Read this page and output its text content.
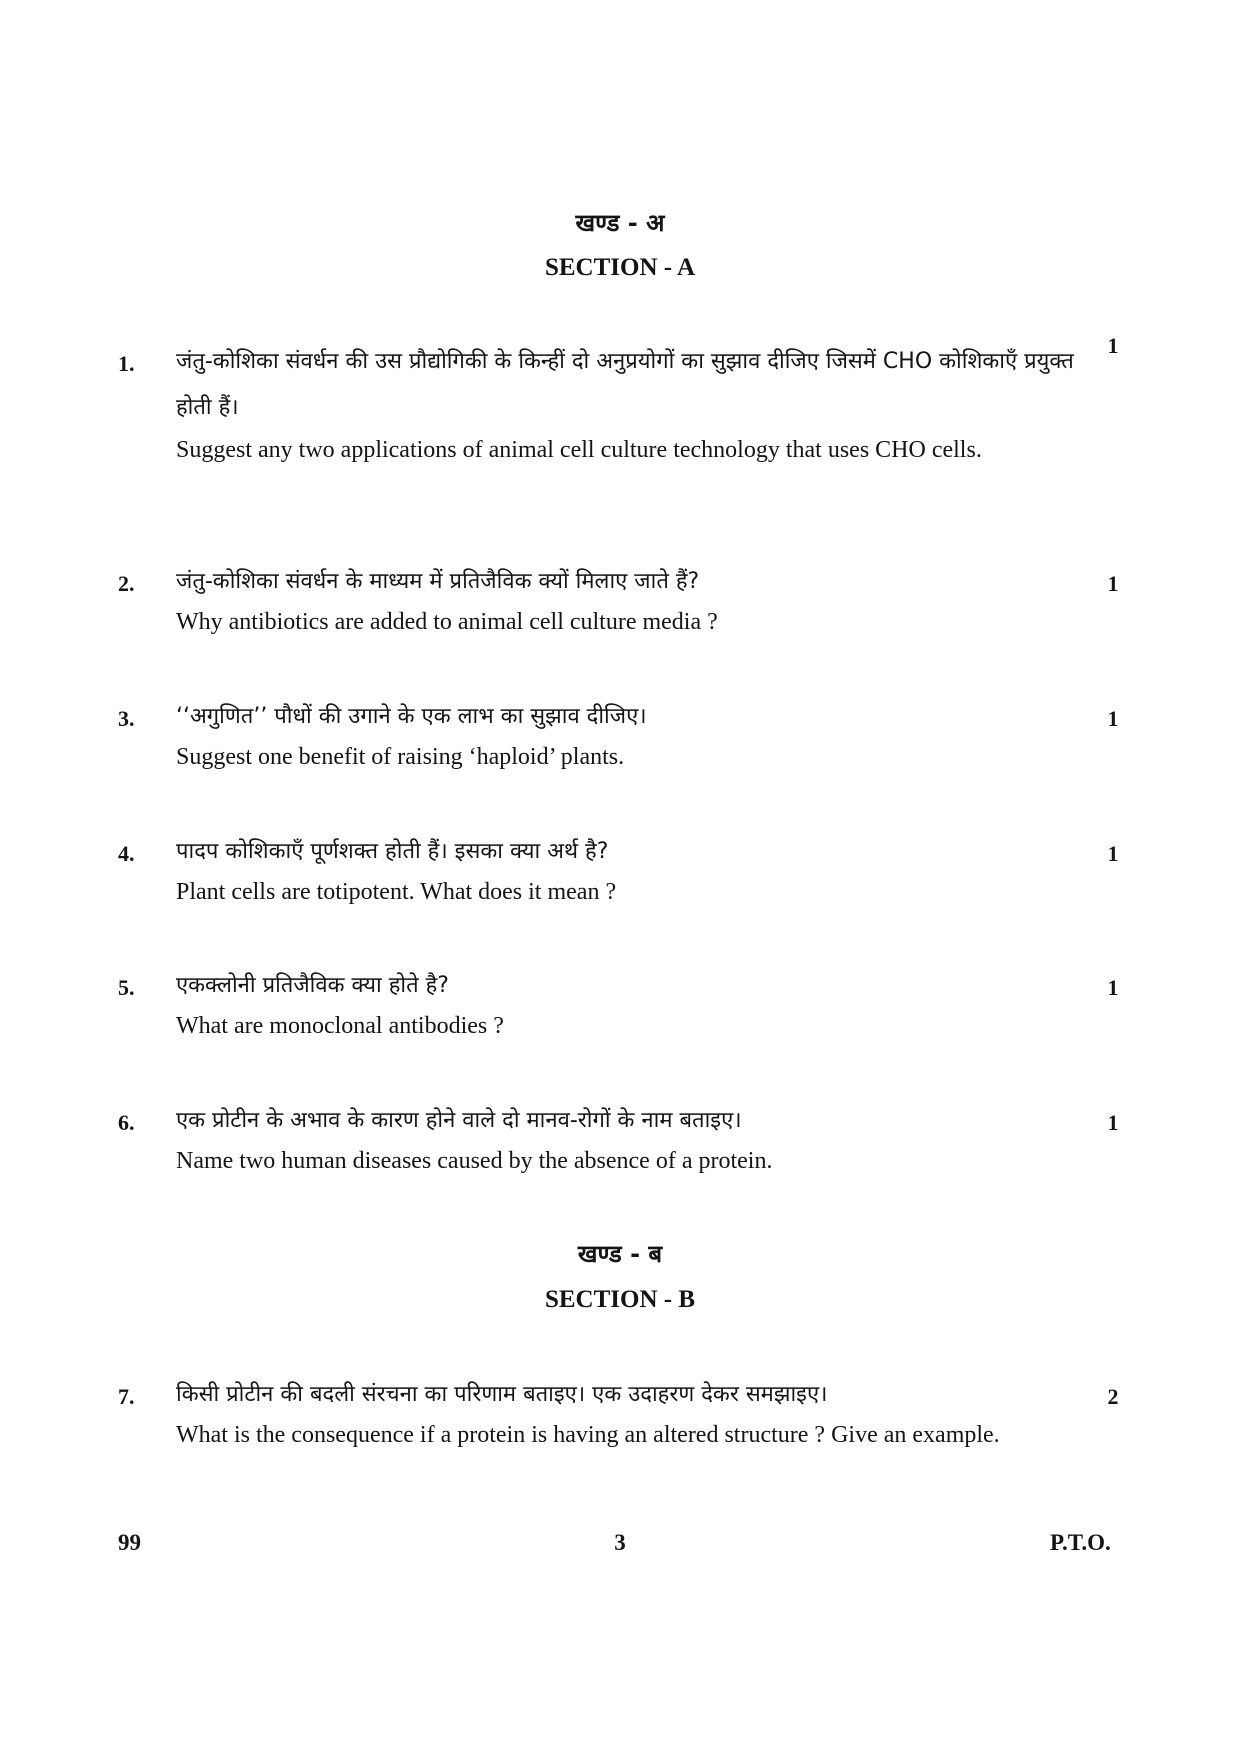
खण्ड - अ
SECTION - A
1. जंतु-कोशिका संवर्धन की उस प्रौद्योगिकी के किन्हीं दो अनुप्रयोगों का सुझाव दीजिए जिसमें CHO कोशिकाएँ प्रयुक्त होती हैं।
Suggest any two applications of animal cell culture technology that uses CHO cells.
1
2. जंतु-कोशिका संवर्धन के माध्यम में प्रतिजैविक क्यों मिलाए जाते हैं?
Why antibiotics are added to animal cell culture media ?
1
3. ‘‘अगुणित’’ पौधों की उगाने के एक लाभ का सुझाव दीजिए।
Suggest one benefit of raising ‘haploid’ plants.
1
4. पादप कोशिकाएँ पूर्णशक्त होती हैं। इसका क्या अर्थ है?
Plant cells are totipotent. What does it mean ?
1
5. एकक्लोनी प्रतिजैविक क्या होते है?
What are monoclonal antibodies ?
1
6. एक प्रोटीन के अभाव के कारण होने वाले दो मानव-रोगों के नाम बताइए।
Name two human diseases caused by the absence of a protein.
1
खण्ड - ब
SECTION - B
7. किसी प्रोटीन की बदली संरचना का परिणाम बताइए। एक उदाहरण देकर समझाइए।
What is the consequence if a protein is having an altered structure ? Give an example.
2
99	3	P.T.O.
